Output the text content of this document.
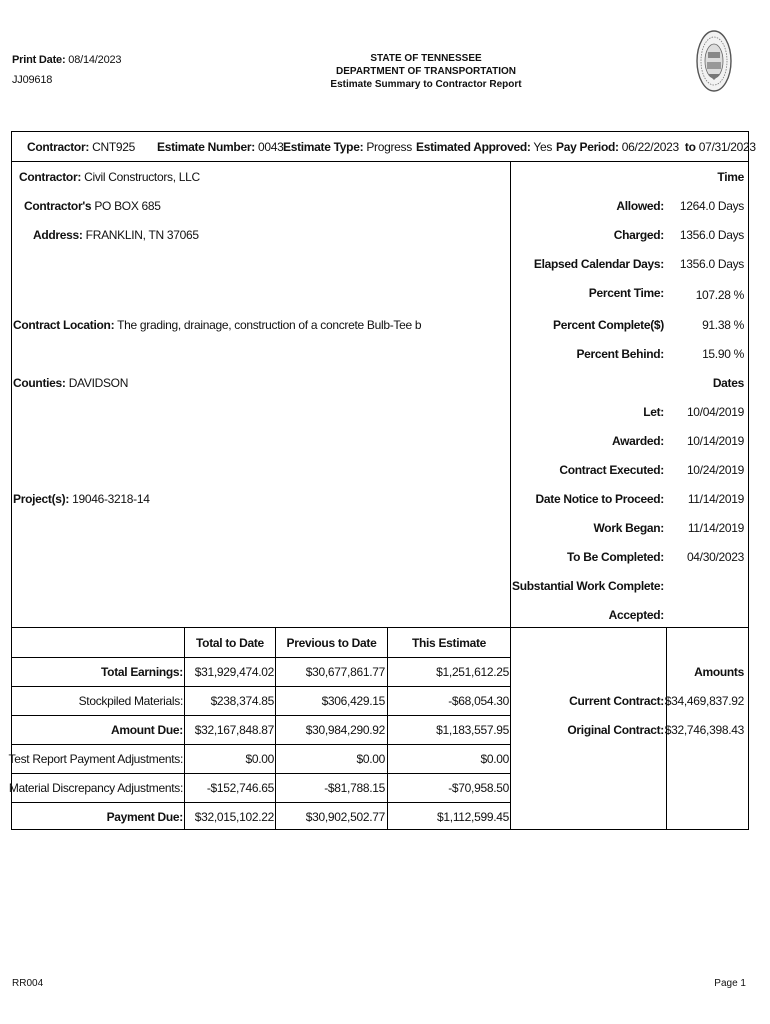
Print Date: 08/14/2023
JJ09618
STATE OF TENNESSEE
DEPARTMENT OF TRANSPORTATION
Estimate Summary to Contractor Report
Contractor: CNT925 Estimate Number: 0043 Estimate Type: Progress Estimated Approved: Yes Pay Period: 06/22/2023 to 07/31/2023
Contractor: Civil Constructors, LLC
Contractor's PO BOX 685
Address: FRANKLIN, TN 37065
Contract Location: The grading, drainage, construction of a concrete Bulb-Tee b
Counties: DAVIDSON
Project(s): 19046-3218-14
Time
Allowed: 1264.0 Days
Charged: 1356.0 Days
Elapsed Calendar Days: 1356.0 Days
Percent Time:	107.28 %
Percent Complete($)	91.38 %
Percent Behind:	15.90 %
Dates
Let: 10/04/2019
Awarded: 10/14/2019
Contract Executed: 10/24/2019
Date Notice to Proceed: 11/14/2019
Work Began: 11/14/2019
To Be Completed: 04/30/2023
Substantial Work Complete:
Accepted:
Total to Date	Previous to Date	This Estimate
Total Earnings: $31,929,474.02	$30,677,861.77	$1,251,612.25
Stockpiled Materials: $238,374.85	$306,429.15	-$68,054.30
Amount Due: $32,167,848.87	$30,984,290.92	$1,183,557.95
Test Report Payment Adjustments:	$0.00	$0.00	$0.00
Material Discrepancy Adjustments: -$152,746.65	-$81,788.15	-$70,958.50
Payment Due: $32,015,102.22	$30,902,502.77	$1,112,599.45
Amounts
Current Contract: $34,469,837.92
Original Contract: $32,746,398.43
RR004	Page 1
